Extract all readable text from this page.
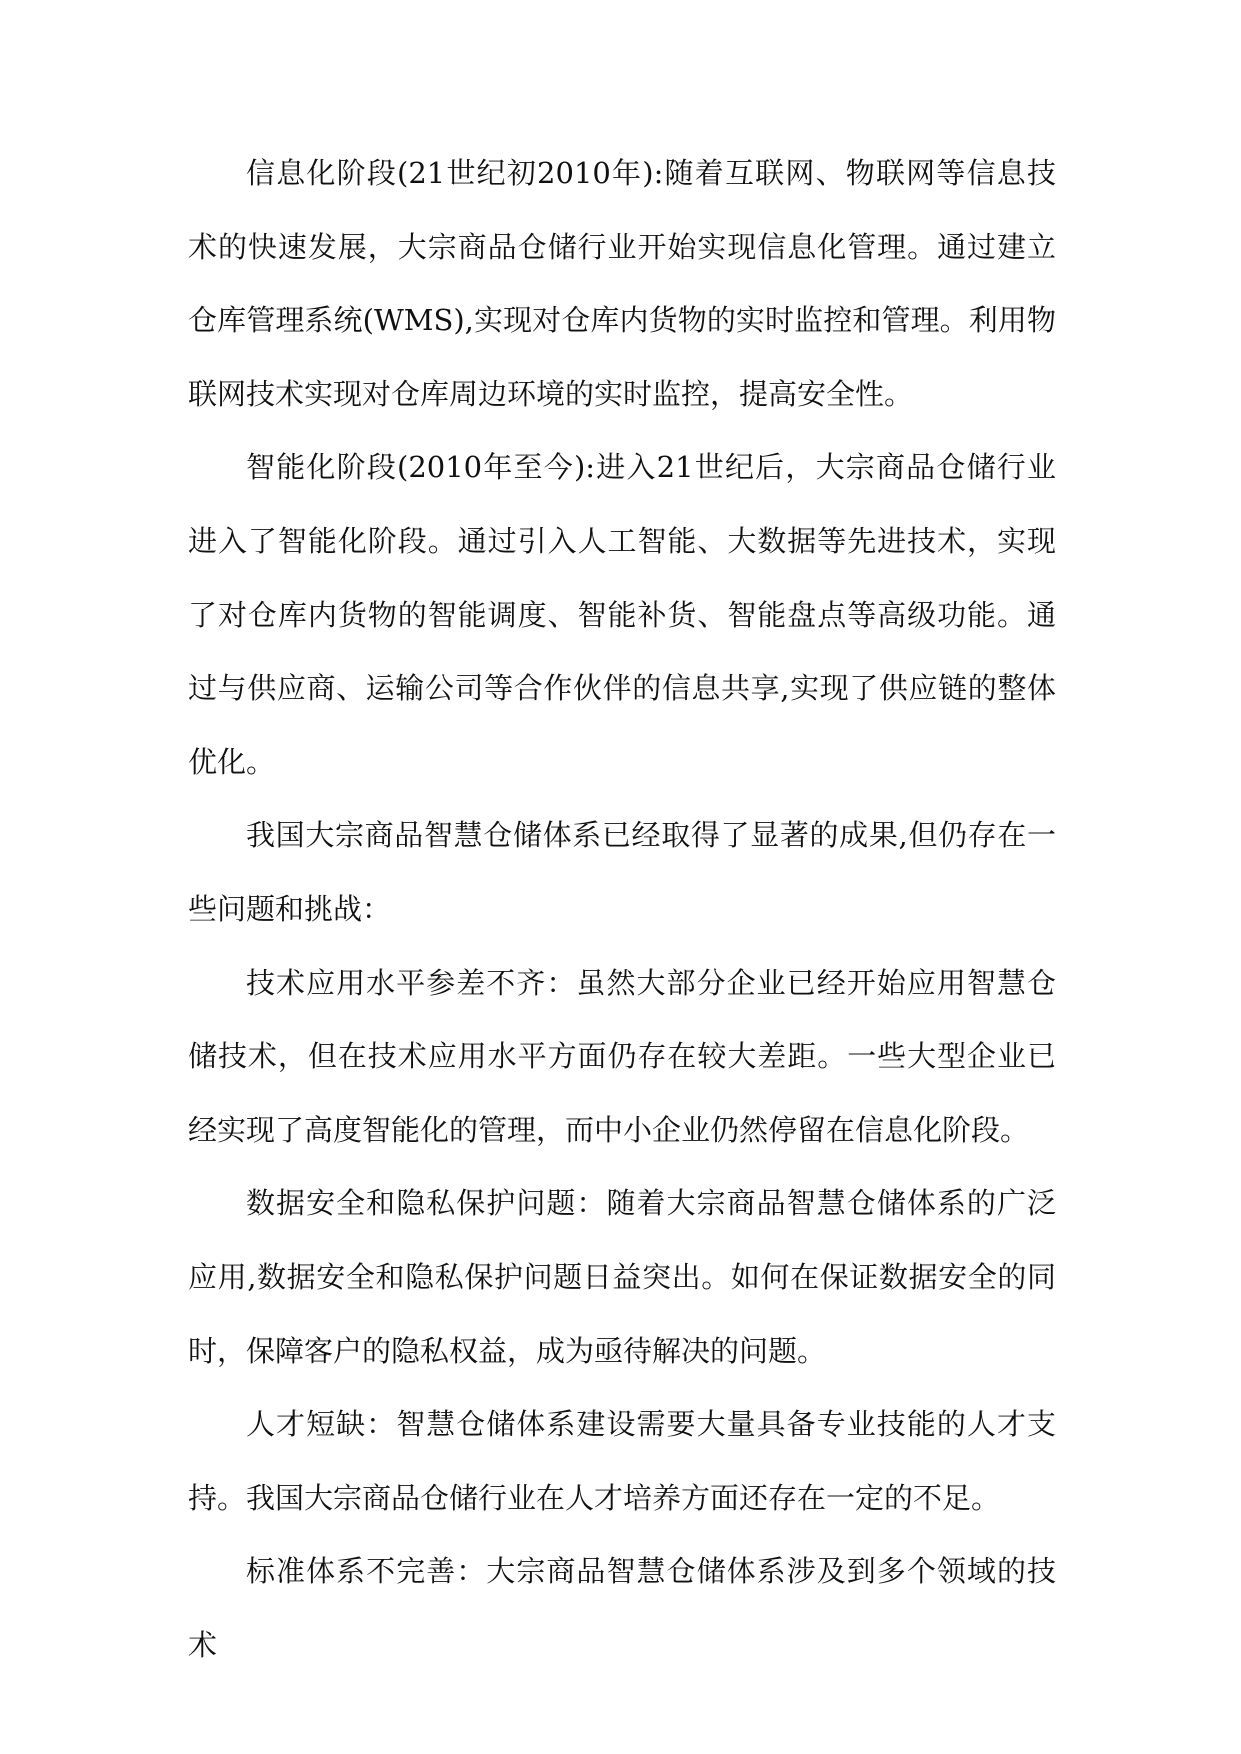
信息化阶段(21世纪初2010年):随着互联网、物联网等信息技术的快速发展，大宗商品仓储行业开始实现信息化管理。通过建立仓库管理系统(WMS),实现对仓库内货物的实时监控和管理。利用物联网技术实现对仓库周边环境的实时监控，提高安全性。

智能化阶段(2010年至今):进入21世纪后，大宗商品仓储行业进入了智能化阶段。通过引入人工智能、大数据等先进技术，实现了对仓库内货物的智能调度、智能补货、智能盘点等高级功能。通过与供应商、运输公司等合作伙伴的信息共享,实现了供应链的整体优化。

我国大宗商品智慧仓储体系已经取得了显著的成果,但仍存在一些问题和挑战：

技术应用水平参差不齐：虽然大部分企业已经开始应用智慧仓储技术，但在技术应用水平方面仍存在较大差距。一些大型企业已经实现了高度智能化的管理，而中小企业仍然停留在信息化阶段。

数据安全和隐私保护问题：随着大宗商品智慧仓储体系的广泛应用,数据安全和隐私保护问题日益突出。如何在保证数据安全的同时，保障客户的隐私权益，成为亟待解决的问题。

人才短缺：智慧仓储体系建设需要大量具备专业技能的人才支持。我国大宗商品仓储行业在人才培养方面还存在一定的不足。

标准体系不完善：大宗商品智慧仓储体系涉及到多个领域的技术
